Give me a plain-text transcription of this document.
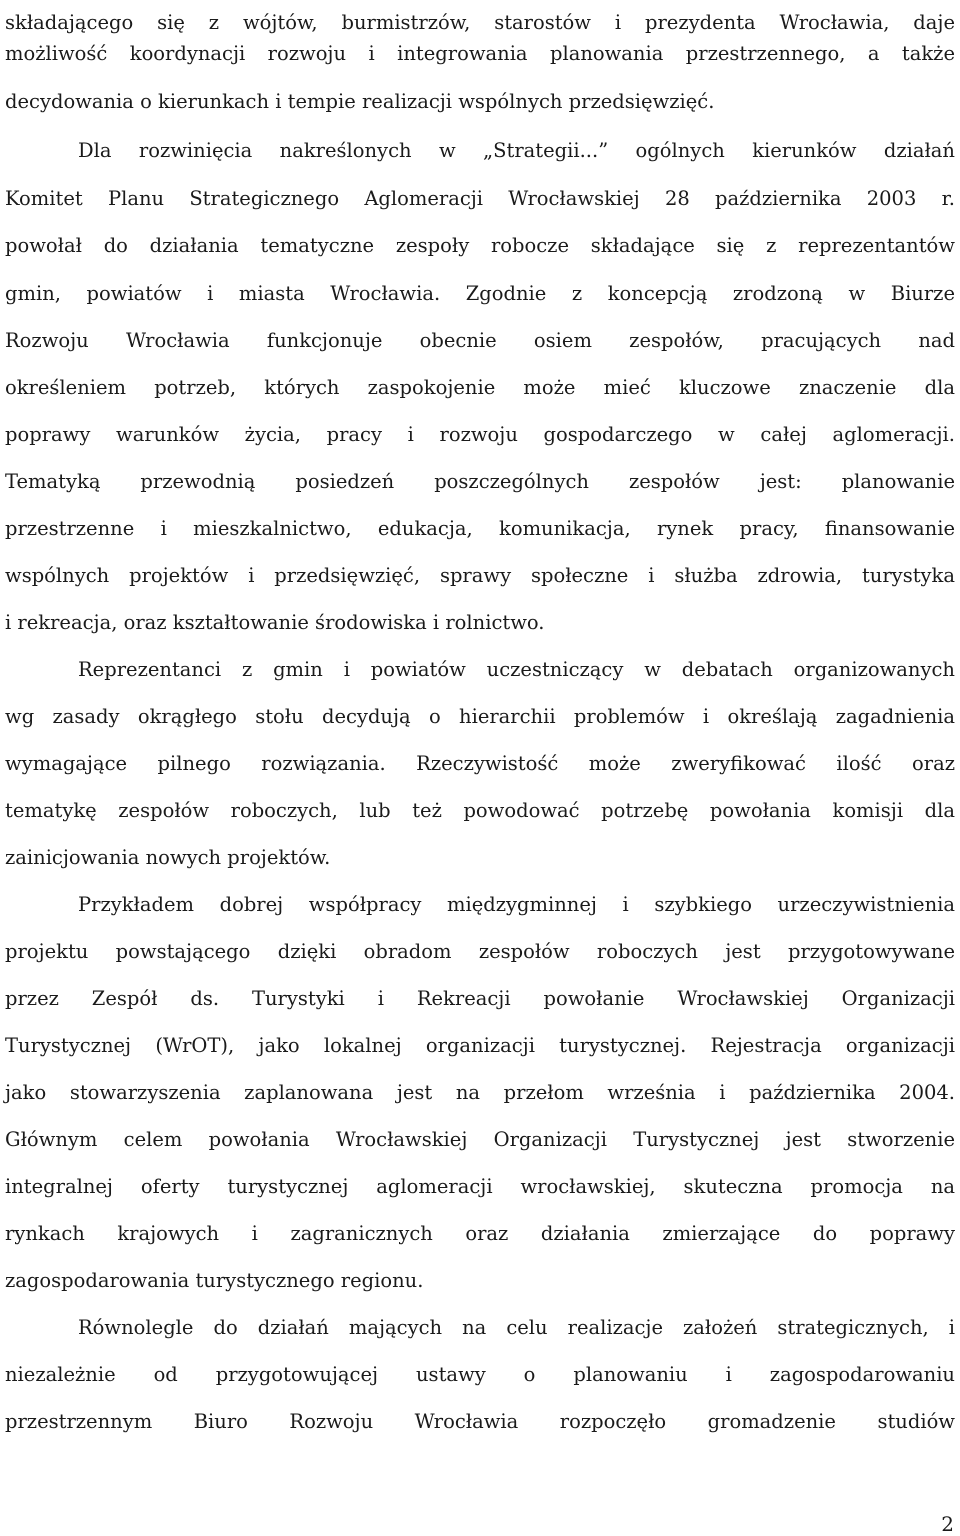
składającego się z wójtów, burmistrzów, starostów i prezydenta Wrocławia, daje
możliwość koordynacji rozwoju i integrowania planowania przestrzennego, a także
decydowania o kierunkach i tempie realizacji wspólnych przedsięwzięć.
Dla rozwinięcia nakreślonych w „Strategii...” ogólnych kierunków działań
Komitet Planu Strategicznego Aglomeracji Wrocławskiej 28 października 2003 r.
powołał do działania tematyczne zespoły robocze składające się z reprezentantów
gmin, powiatów i miasta Wrocławia. Zgodnie z koncepcją zrodzoną w Biurze
Rozwoju Wrocławia funkcjonuje obecnie osiem zespołów, pracujących nad
określeniem potrzeb, których zaspokojenie może mieć kluczowe znaczenie dla
poprawy warunków życia, pracy i rozwoju gospodarczego w całej aglomeracji.
Tematyką przewodnią posiedzeń poszczególnych zespołów jest: planowanie
przestrzenne i mieszkalnictwo, edukacja, komunikacja, rynek pracy, finansowanie
wspólnych projektów i przedsięwzięć, sprawy społeczne i służba zdrowia, turystyka
i rekreacja, oraz kształtowanie środowiska i rolnictwo.
Reprezentanci z gmin i powiatów uczestniczący w debatach organizowanych
wg zasady okrągłego stołu decydują o hierarchii problemów i określają zagadnienia
wymagające pilnego rozwiązania. Rzeczywistość może zweryfikować ilość oraz
tematykę zespołów roboczych, lub też powodować potrzebę powołania komisji dla
zainicjowania nowych projektów.
Przykładem dobrej współpracy międzygminnej i szybkiego urzeczywistnienia
projektu powstającego dzięki obradom zespołów roboczych jest przygotowywane
przez Zespół ds. Turystyki i Rekreacji powołanie Wrocławskiej Organizacji
Turystycznej (WrOT), jako lokalnej organizacji turystycznej. Rejestracja organizacji
jako stowarzyszenia zaplanowana jest na przełom września i października 2004.
Głównym celem powołania Wrocławskiej Organizacji Turystycznej jest stworzenie
integralnej oferty turystycznej aglomeracji wrocławskiej, skuteczna promocja na
rynkach krajowych i zagranicznych oraz działania zmierzające do poprawy
zagospodarowania turystycznego regionu.
Równolegle do działań mających na celu realizacje założeń strategicznych, i
niezależnie od przygotowującej ustawy o planowaniu i zagospodarowaniu
przestrzennym Biuro Rozwoju Wrocławia rozpoczęło gromadzenie studiów
2
